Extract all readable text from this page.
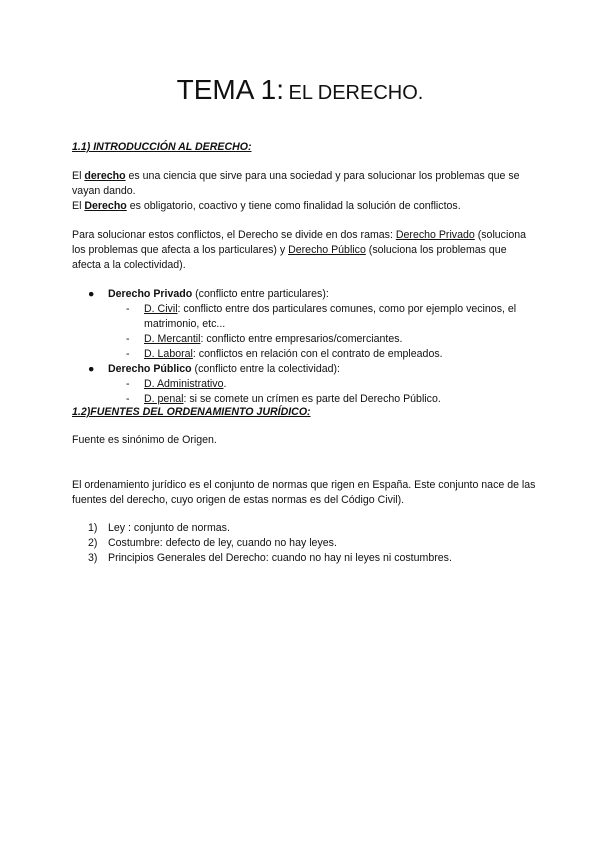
TEMA 1: EL DERECHO.
1.1) INTRODUCCIÓN AL DERECHO:
El derecho es una ciencia que sirve para una sociedad y para solucionar los problemas que se vayan dando.
El Derecho es obligatorio, coactivo y tiene como finalidad la solución de conflictos.
Para solucionar estos conflictos, el Derecho se divide en dos ramas: Derecho Privado (soluciona los problemas que afecta a los particulares) y Derecho Público (soluciona los problemas que afecta a la colectividad).
● Derecho Privado (conflicto entre particulares):
- D. Civil: conflicto entre dos particulares comunes, como por ejemplo vecinos, el matrimonio, etc...
- D. Mercantil: conflicto entre empresarios/comerciantes.
- D. Laboral: conflictos en relación con el contrato de empleados.
● Derecho Público (conflicto entre la colectividad):
- D. Administrativo.
- D. penal: si se comete un crímen es parte del Derecho Público.
1.2)FUENTES DEL ORDENAMIENTO JURÍDICO:
Fuente es sinónimo de Origen.
El ordenamiento jurídico es el conjunto de normas que rigen en España. Este conjunto nace de las fuentes del derecho, cuyo origen de estas normas es del Código Civil).
1) Ley : conjunto de normas.
2) Costumbre: defecto de ley, cuando no hay leyes.
3) Principios Generales del Derecho: cuando no hay ni leyes ni costumbres.
